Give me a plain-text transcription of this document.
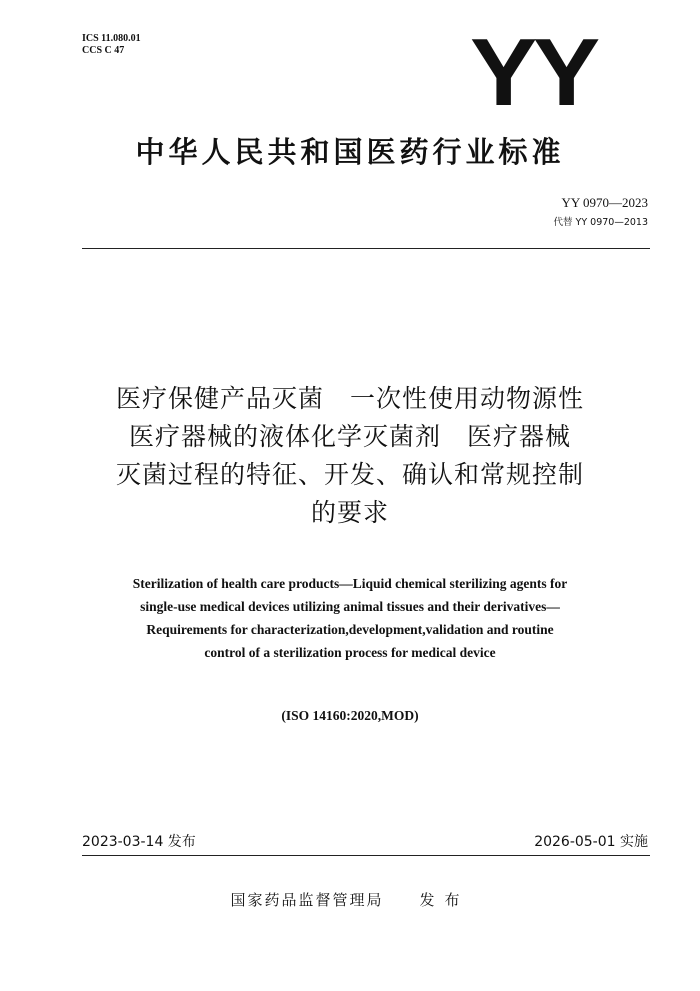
ICS 11.080.01
CCS C 47	YY
中华人民共和国医药行业标准
YY 0970—2023
代替 YY 0970—2013
医疗保健产品灭菌　一次性使用动物源性
医疗器械的液体化学灭菌剂　医疗器械
灭菌过程的特征、开发、确认和常规控制
的要求
Sterilization of health care products—Liquid chemical sterilizing agents for
single-use medical devices utilizing animal tissues and their derivatives—
Requirements for characterization,development,validation and routine
control of a sterilization process for medical device
(ISO 14160:2020,MOD)
2023-03-14 发布	2026-05-01 实施
国家药品监督管理局 发布
